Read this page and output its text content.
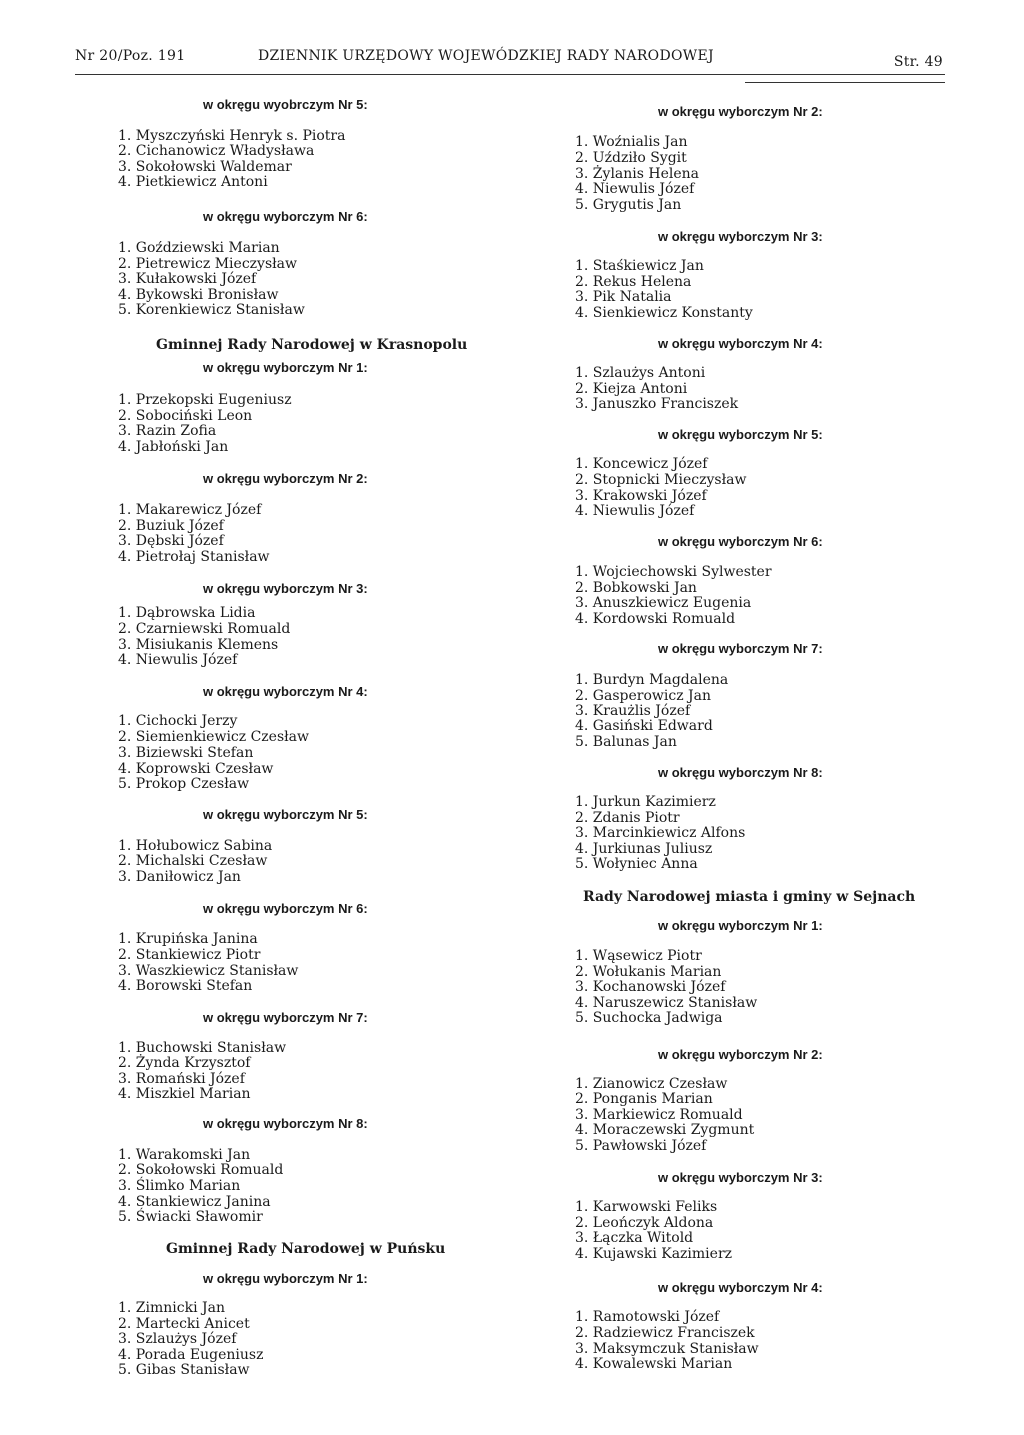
Nr 20/Poz. 191	DZIENNIK URZĘDOWY WOJEWÓDZKIEJ RADY NARODOWEJ	Str. 49
w okręgu wyobrczym Nr 5:
1. Myszczyński Henryk s. Piotra
2. Cichanowicz Władysława
3. Sokołowski Waldemar
4. Pietkiewicz Antoni
w okręgu wyborczym Nr 6:
1. Goździewski Marian
2. Pietrewicz Mieczysław
3. Kułakowski Józef
4. Bykowski Bronisław
5. Korenkiewicz Stanisław
Gminnej Rady Narodowej w Krasnopolu
w okręgu wyborczym Nr 1:
1. Przekopski Eugeniusz
2. Sobociński Leon
3. Razin Zofia
4. Jabłoński Jan
w okręgu wyborczym Nr 2:
1. Makarewicz Józef
2. Buziuk Józef
3. Dębski Józef
4. Pietrołaj Stanisław
w okręgu wyborczym Nr 3:
1. Dąbrowska Lidia
2. Czarniewski Romuald
3. Misiukanis Klemens
4. Niewulis Józef
w okręgu wyborczym Nr 4:
1. Cichocki Jerzy
2. Siemienkiewicz Czesław
3. Biziewski Stefan
4. Koprowski Czesław
5. Prokop Czesław
w okręgu wyborczym Nr 5:
1. Hołubowicz Sabina
2. Michalski Czesław
3. Daniłowicz Jan
w okręgu wyborczym Nr 6:
1. Krupińska Janina
2. Stankiewicz Piotr
3. Waszkiewicz Stanisław
4. Borowski Stefan
w okręgu wyborczym Nr 7:
1. Buchowski Stanisław
2. Żynda Krzysztof
3. Romański Józef
4. Miszkiel Marian
w okręgu wyborczym Nr 8:
1. Warakomski Jan
2. Sokołowski Romuald
3. Ślimko Marian
4. Stankiewicz Janina
5. Świacki Sławomir
Gminnej Rady Narodowej w Puńsku
w okręgu wyborczym Nr 1:
1. Zimnicki Jan
2. Martecki Anicet
3. Szlaużys Józef
4. Porada Eugeniusz
5. Gibas Stanisław
w okręgu wyborczym Nr 2:
1. Woźnialis Jan
2. Uździło Sygit
3. Żylanis Helena
4. Niewulis Józef
5. Grygutis Jan
w okręgu wyborczym Nr 3:
1. Staśkiewicz Jan
2. Rekus Helena
3. Pik Natalia
4. Sienkiewicz Konstanty
w okręgu wyborczym Nr 4:
1. Szlaużys Antoni
2. Kiejza Antoni
3. Januszko Franciszek
w okręgu wyborczym Nr 5:
1. Koncewicz Józef
2. Stopnicki Mieczysław
3. Krakowski Józef
4. Niewulis Józef
w okręgu wyborczym Nr 6:
1. Wojciechowski Sylwester
2. Bobkowski Jan
3. Anuszkiewicz Eugenia
4. Kordowski Romuald
w okręgu wyborczym Nr 7:
1. Burdyn Magdalena
2. Gasperowicz Jan
3. Kraużlis Józef
4. Gasiński Edward
5. Balunas Jan
w okręgu wyborczym Nr 8:
1. Jurkun Kazimierz
2. Zdanis Piotr
3. Marcinkiewicz Alfons
4. Jurkiunas Juliusz
5. Wołyniec Anna
Rady Narodowej miasta i gminy w Sejnach
w okręgu wyborczym Nr 1:
1. Wąsewicz Piotr
2. Wołukanis Marian
3. Kochanowski Józef
4. Naruszewicz Stanisław
5. Suchocka Jadwiga
w okręgu wyborczym Nr 2:
1. Zianowicz Czesław
2. Ponganis Marian
3. Markiewicz Romuald
4. Moraczewski Zygmunt
5. Pawłowski Józef
w okręgu wyborczym Nr 3:
1. Karwowski Feliks
2. Leończyk Aldona
3. Łączka Witold
4. Kujawski Kazimierz
w okręgu wyborczym Nr 4:
1. Ramotowski Józef
2. Radziewicz Franciszek
3. Maksymczuk Stanisław
4. Kowalewski Marian
